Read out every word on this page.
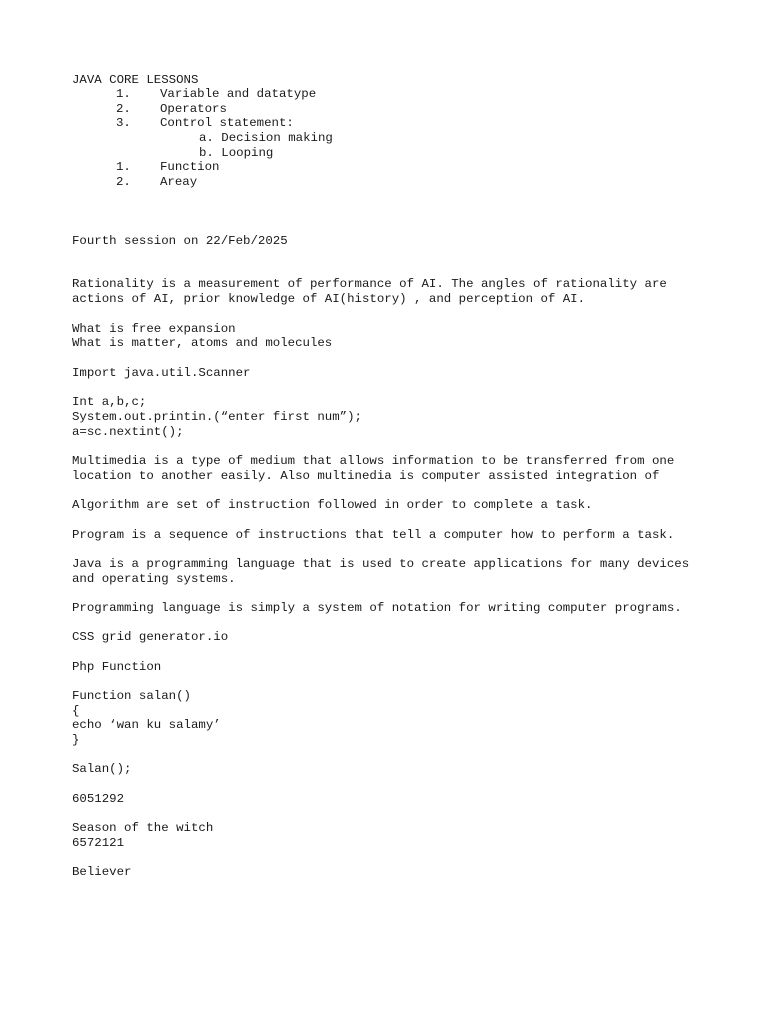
JAVA CORE LESSONS
1. Variable and datatype
2. Operators
3. Control statement:
a. Decision making
b. Looping
1. Function
2. Areay
Fourth session on 22/Feb/2025
Rationality is a measurement of performance of AI. The angles of rationality are
actions of AI, prior knowledge of AI(history) , and perception of AI.
What is free expansion
What is matter, atoms and molecules
Import java.util.Scanner
Int a,b,c;
System.out.printin.(“enter first num”);
a=sc.nextint();
Multimedia is a type of medium that allows information to be transferred from one
location to another easily. Also multinedia is computer assisted integration of
Algorithm are set of instruction followed in order to complete a task.
Program is a sequence of instructions that tell a computer how to perform a task.
Java is a programming language that is used to create applications for many devices
and operating systems.
Programming language is simply a system of notation for writing computer programs.
CSS grid generator.io
Php Function
Function salan()
{
echo ‘wan ku salamy’
}
Salan();
6051292
Season of the witch
6572121
Believer
